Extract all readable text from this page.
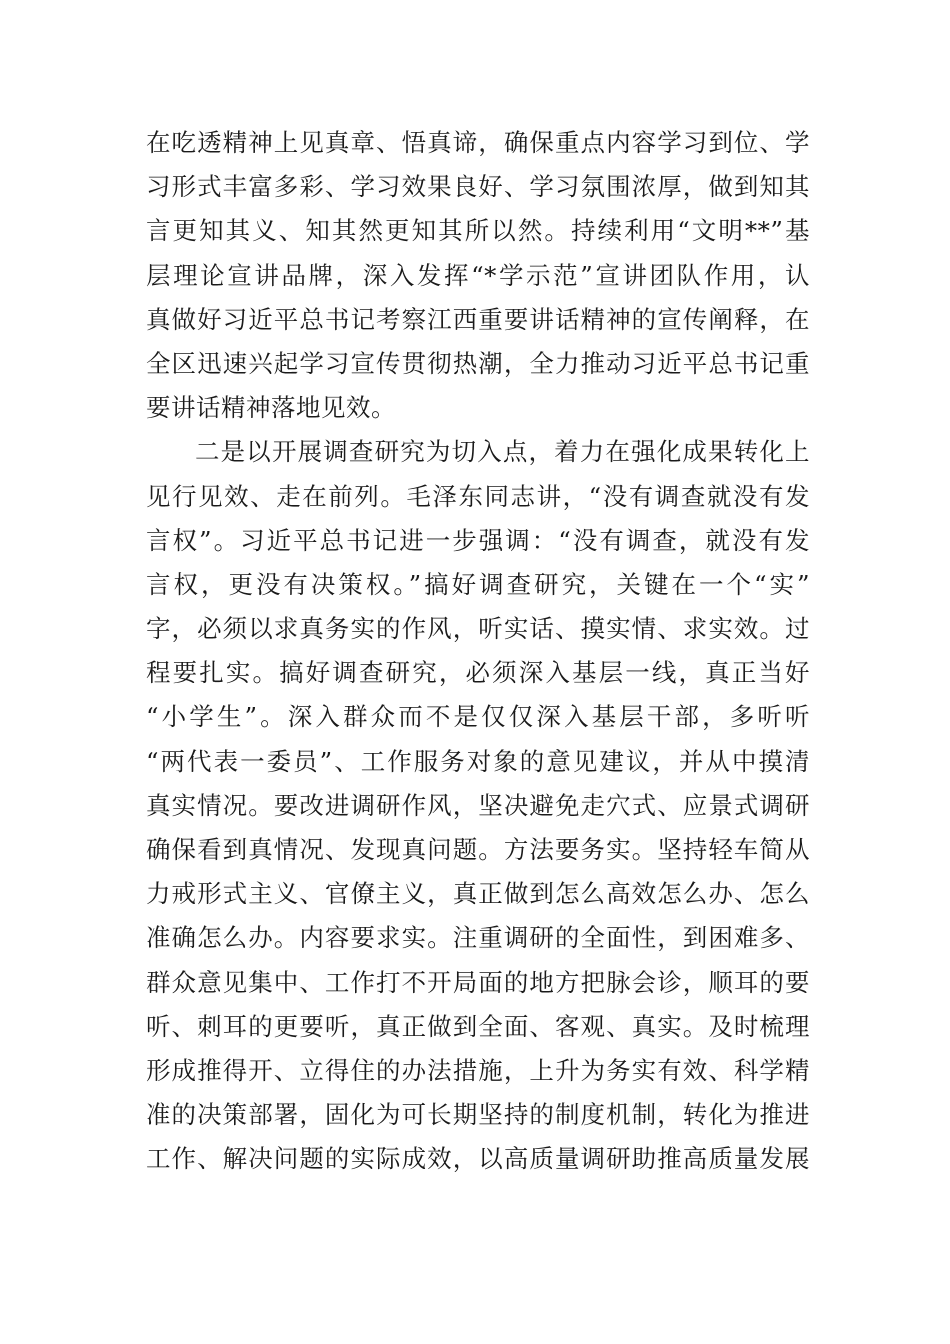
在吃透精神上见真章、悟真谛，确保重点内容学习到位、学
习形式丰富多彩、学习效果良好、学习氛围浓厚，做到知其
言更知其义、知其然更知其所以然。持续利用“文明**”基
层理论宣讲品牌，深入发挥“*学示范”宣讲团队作用，认
真做好习近平总书记考察江西重要讲话精神的宣传阐释，在
全区迅速兴起学习宣传贯彻热潮，全力推动习近平总书记重
要讲话精神落地见效。
二是以开展调查研究为切入点，着力在强化成果转化上
见行见效、走在前列。毛泽东同志讲，“没有调查就没有发
言权”。习近平总书记进一步强调：“没有调查，就没有发
言权，更没有决策权。”搞好调查研究，关键在一个“实”
字，必须以求真务实的作风，听实话、摸实情、求实效。过
程要扎实。搞好调查研究，必须深入基层一线，真正当好
“小学生”。深入群众而不是仅仅深入基层干部，多听听
“两代表一委员”、工作服务对象的意见建议，并从中摸清
真实情况。要改进调研作风，坚决避免走穴式、应景式调研
确保看到真情况、发现真问题。方法要务实。坚持轻车简从
力戒形式主义、官僚主义，真正做到怎么高效怎么办、怎么
准确怎么办。内容要求实。注重调研的全面性，到困难多、
群众意见集中、工作打不开局面的地方把脉会诊，顺耳的要
听、刺耳的更要听，真正做到全面、客观、真实。及时梳理
形成推得开、立得住的办法措施，上升为务实有效、科学精
准的决策部署，固化为可长期坚持的制度机制，转化为推进
工作、解决问题的实际成效，以高质量调研助推高质量发展
